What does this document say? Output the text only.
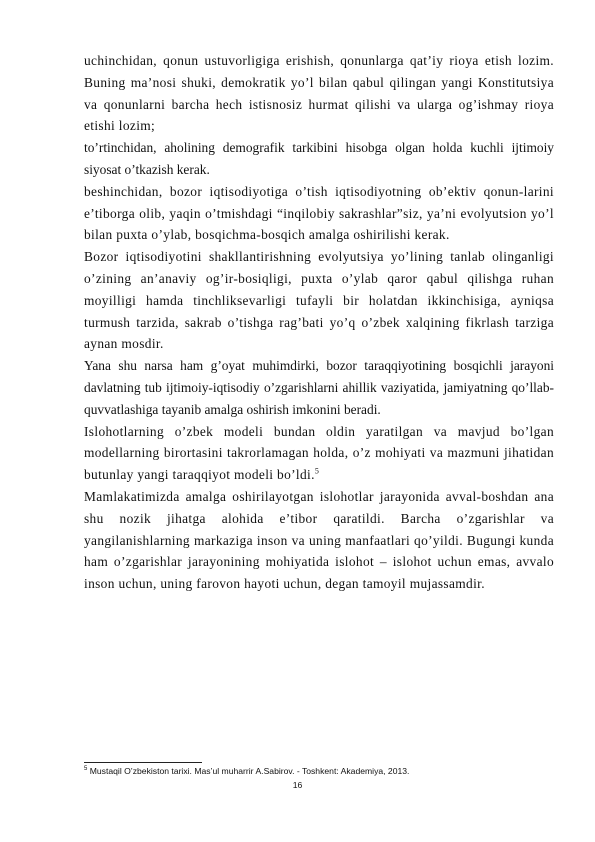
uchinchidan, qonun ustuvorligiga erishish, qonunlarga qat’iy rioya etish lozim. Buning ma’nosi shuki, demokratik yo’l bilan qabul qilingan yangi Konstitutsiya va qonunlarni barcha hech istisnosiz hurmat qilishi va ularga og’ishmay rioya etishi lozim;

to’rtinchidan, aholining demografik tarkibini hisobga olgan holda kuchli ijtimoiy siyosat o’tkazish kerak.

beshinchidan, bozor iqtisodiyotiga o’tish iqtisodiyotning ob’ektiv qonun-larini e’tiborga olib, yaqin o’tmishdagi “inqilobiy sakrashlar”siz, ya’ni evolyutsion yo’l bilan puxta o’ylab, bosqichma-bosqich amalga oshirilishi kerak.

Bozor iqtisodiyotini shakllantirishning evolyutsiya yo’lining tanlab olinganligi o’zining an’anaviy og’ir-bosiqligi, puxta o’ylab qaror qabul qilishga ruhan moyilligi hamda tinchliksevarligi tufayli bir holatdan ikkinchisiga, ayniqsa turmush tarzida, sakrab o’tishga rag’bati yo’q o’zbek xalqining fikrlash tarziga aynan mosdir.

Yana shu narsa ham g’oyat muhimdirki, bozor taraqqiyotining bosqichli jarayoni davlatning tub ijtimoiy-iqtisodiy o’zgarishlarni ahillik vaziyatida, jamiyatning qo’llab-quvvatlashiga tayanib amalga oshirish imkonini beradi.

Islohotlarning o’zbek modeli bundan oldin yaratilgan va mavjud bo’lgan modellarning birortasini takrorlamagan holda, o’z mohiyati va mazmuni jihatidan butunlay yangi taraqqiyot modeli bo’ldi.$^5$

Mamlakatimizda amalga oshirilayotgan islohotlar jarayonida avval-boshdan ana shu nozik jihatga alohida e’tibor qaratildi. Barcha o’zgarishlar va yangilanishlarning markaziga inson va uning manfaatlari qo’yildi. Bugungi kunda ham o’zgarishlar jarayonining mohiyatida islohot – islohot uchun emas, avvalo inson uchun, uning farovon hayoti uchun, degan tamoyil mujassamdir.

$^5$ Mustaqil O’zbekiston tarixi. Mas’ul muharrir A.Sabirov. - Toshkent: Akademiya, 2013.
16
